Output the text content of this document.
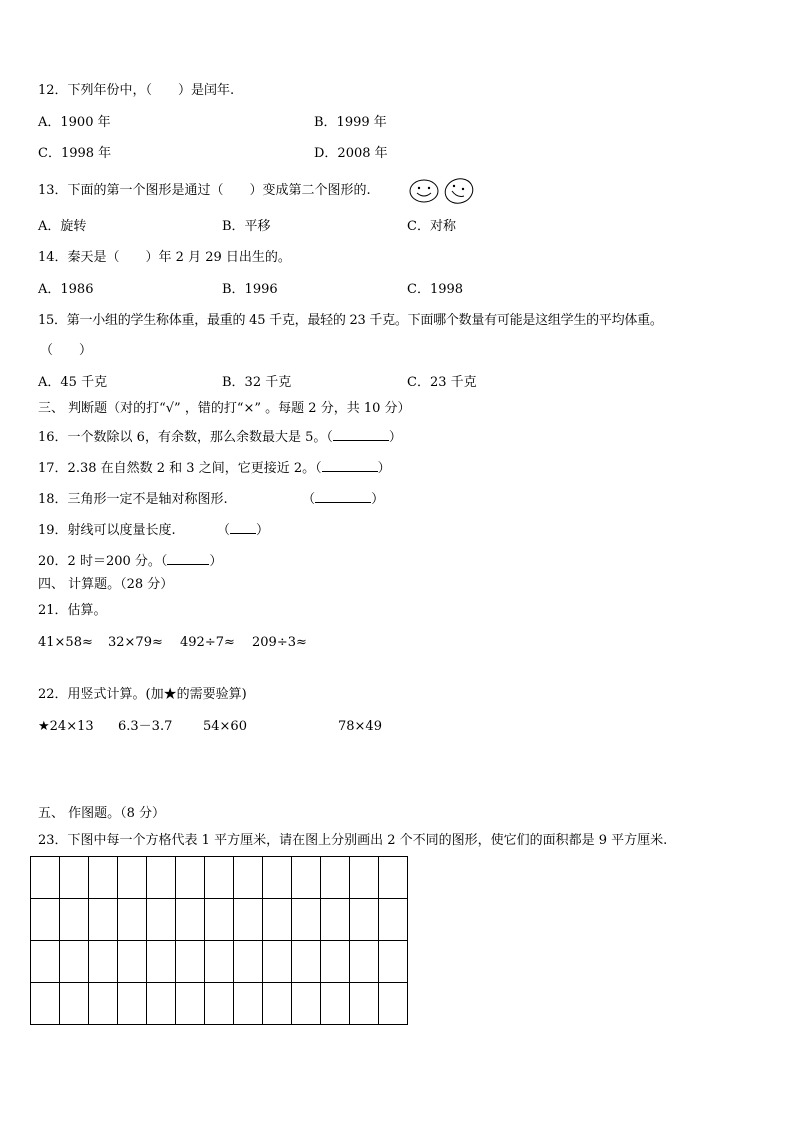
12．下列年份中，（　　）是闰年.
A．1900 年	B．1999 年
C．1998 年	D．2008 年
13．下面的第一个图形是通过（　　）变成第二个图形的.
A．旋转	B．平移	C．对称
14．秦天是（　　）年 2 月 29 日出生的。
A．1986	B．1996	C．1998
15．第一小组的学生称体重，最重的 45 千克，最轻的 23 千克。下面哪个数量有可能是这组学生的平均体重。
（　　）
A．45 千克	B．32 千克	C．23 千克
三、 判断题（对的打“√” ，错的打“×” 。每题 2 分，共 10 分）
16．一个数除以 6，有余数，那么余数最大是 5。（	）
17．2.38 在自然数 2 和 3 之间，它更接近 2。（	）
18．三角形一定不是轴对称图形.	（	）
19．射线可以度量长度.	（ ）
20．2 时＝200 分。（	）
四、 计算题。（28 分）
21．估算。
41×58≈ 32×79≈ 492÷7≈ 209÷3≈
22．用竖式计算。(加★的需要验算)
★24×13 6.3－3.7 54×60	78×49
五、 作图题。（8 分）
23．下图中每一个方格代表 1 平方厘米，请在图上分别画出 2 个不同的图形，使它们的面积都是 9 平方厘米.
